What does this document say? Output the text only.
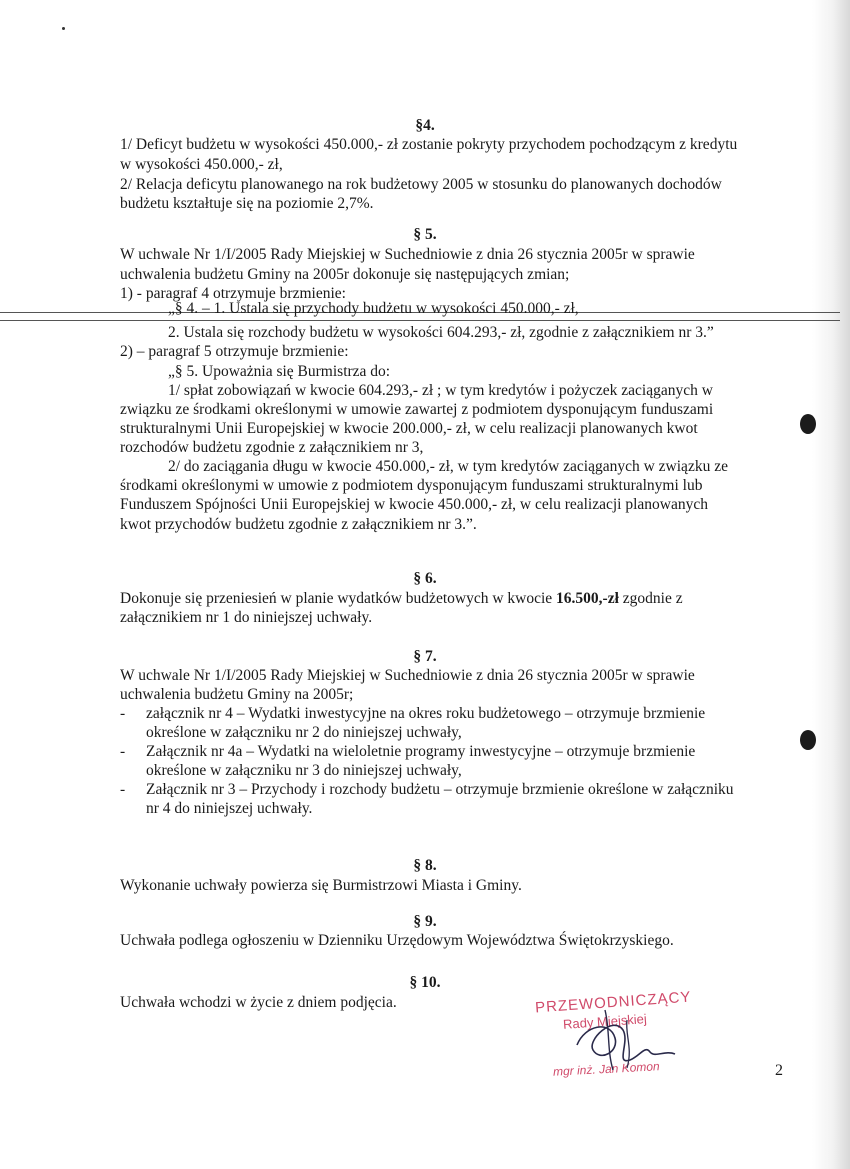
§4.
1/ Deficyt budżetu w wysokości 450.000,- zł zostanie pokryty przychodem pochodzącym z kredytu
w wysokości 450.000,- zł,
2/ Relacja deficytu planowanego na rok budżetowy 2005 w stosunku do planowanych dochodów
budżetu kształtuje się na poziomie 2,7%.
§ 5.
W uchwale Nr 1/I/2005 Rady Miejskiej w Suchedniowie z dnia 26 stycznia 2005r w sprawie
uchwalenia budżetu Gminy na 2005r dokonuje się następujących zmian;
1) - paragraf 4 otrzymuje brzmienie:
„§ 4. – 1. Ustala się przychody budżetu w wysokości 450.000,- zł,
2. Ustala się rozchody budżetu w wysokości 604.293,- zł, zgodnie z załącznikiem nr 3.”
2) – paragraf 5 otrzymuje brzmienie:
„§ 5. Upoważnia się Burmistrza do:
1/ spłat zobowiązań w kwocie 604.293,- zł ; w tym kredytów i pożyczek zaciąganych w
związku ze środkami określonymi w umowie zawartej z podmiotem dysponującym funduszami
strukturalnymi Unii Europejskiej w kwocie 200.000,- zł, w celu realizacji planowanych kwot
rozchodów budżetu zgodnie z załącznikiem nr 3,
2/ do zaciągania długu w kwocie 450.000,- zł, w tym kredytów zaciąganych w związku ze
środkami określonymi w umowie z podmiotem dysponującym funduszami strukturalnymi lub
Funduszem Spójności Unii Europejskiej w kwocie 450.000,- zł, w celu realizacji planowanych
kwot przychodów budżetu zgodnie z załącznikiem nr 3.”.
§ 6.
Dokonuje się przeniesień w planie wydatków budżetowych w kwocie 16.500,-zł zgodnie z
załącznikiem nr 1 do niniejszej uchwały.
§ 7.
W uchwale Nr 1/I/2005 Rady Miejskiej w Suchedniowie z dnia 26 stycznia 2005r w sprawie
uchwalenia budżetu Gminy na 2005r;
- załącznik nr 4 – Wydatki inwestycyjne na okres roku budżetowego – otrzymuje brzmienie
określone w załączniku nr 2 do niniejszej uchwały,
- Załącznik nr 4a – Wydatki na wieloletnie programy inwestycyjne – otrzymuje brzmienie
określone w załączniku nr 3 do niniejszej uchwały,
- Załącznik nr 3 – Przychody i rozchody budżetu – otrzymuje brzmienie określone w załączniku
nr 4 do niniejszej uchwały.
§ 8.
Wykonanie uchwały powierza się Burmistrzowi Miasta i Gminy.
§ 9.
Uchwała podlega ogłoszeniu w Dzienniku Urzędowym Województwa Świętokrzyskiego.
§ 10.
Uchwała wchodzi w życie z dniem podjęcia.	PRZEWODNICZĄCY
Rady Miejskiej
mgr inż. Jan Komon	2
